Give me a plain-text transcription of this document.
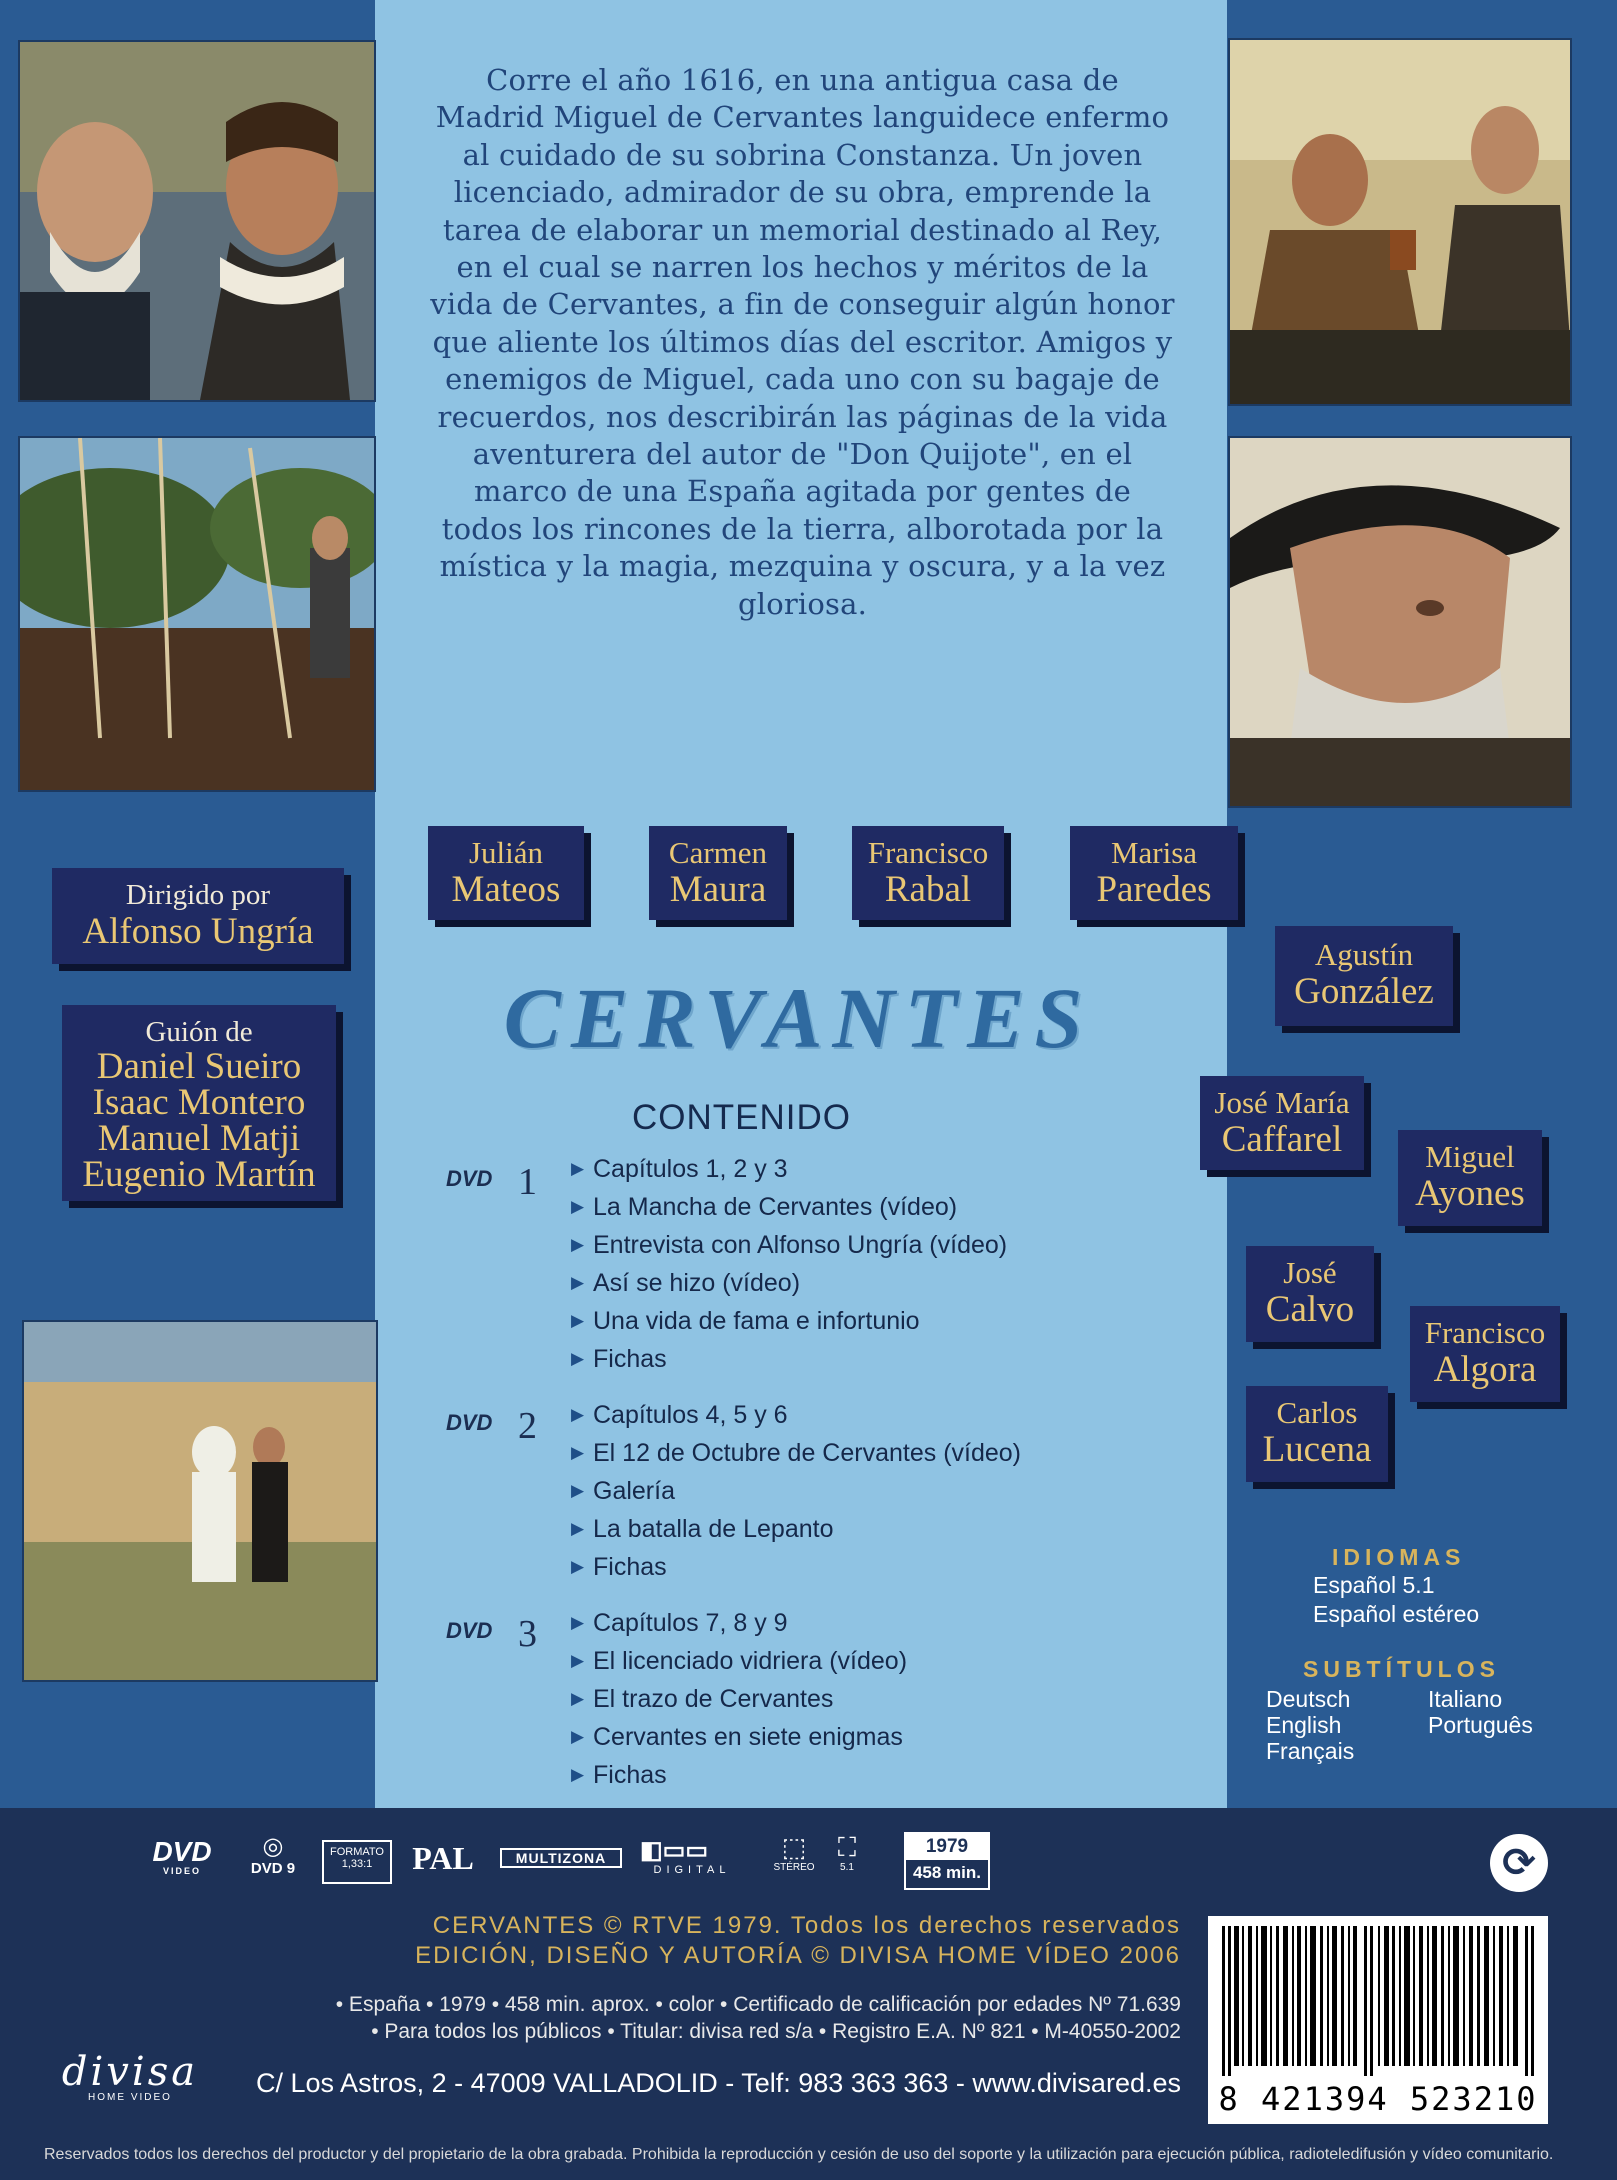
Corre el año 1616, en una antigua casa de Madrid Miguel de Cervantes languidece enfermo al cuidado de su sobrina Constanza. Un joven licenciado, admirador de su obra, emprende la tarea de elaborar un memorial destinado al Rey, en el cual se narren los hechos y méritos de la vida de Cervantes, a fin de conseguir algún honor que aliente los últimos días del escritor. Amigos y enemigos de Miguel, cada uno con su bagaje de recuerdos, nos describirán las páginas de la vida aventurera del autor de "Don Quijote", en el marco de una España agitada por gentes de todos los rincones de la tierra, alborotada por la mística y la magia, mezquina y oscura, y a la vez gloriosa.
Julián
Mateos
Carmen
Maura
Francisco
Rabal
Marisa
Paredes
Dirigido por
Alfonso Ungría
Guión de
Daniel Sueiro
Isaac Montero
Manuel Matji
Eugenio Martín
Agustín
González
José María
Caffarel	Miguel
Ayones
José
Calvo
Francisco
Algora
Carlos
Lucena
CERVANTES
CONTENIDO
DVD 1 ▶ Capítulos 1, 2 y 3
▶ La Mancha de Cervantes (vídeo)
▶ Entrevista con Alfonso Ungría (vídeo)
▶ Así se hizo (vídeo)
▶ Una vida de fama e infortunio
▶ Fichas
DVD 2 ▶ Capítulos 4, 5 y 6
▶ El 12 de Octubre de Cervantes (vídeo)
▶ Galería
▶ La batalla de Lepanto
▶ Fichas
DVD 3 ▶ Capítulos 7, 8 y 9
▶ El licenciado vidriera (vídeo)
▶ El trazo de Cervantes
▶ Cervantes en siete enigmas
▶ Fichas
IDIOMAS
Español 5.1
Español estéreo
SUBTÍTULOS
Deutsch
English
Français
Italiano
Português
DVD
VIDEO
◎
DVD 9
FORMATO
1,33:1	PAL	MULTIZONA	◧▭▭
DIGITAL
⬚
STÉREO
⛶
5.1
1979
458 min.	⟳
CERVANTES © RTVE 1979. Todos los derechos reservados
EDICIÓN, DISEÑO Y AUTORÍA © DIVISA HOME VÍDEO 2006
• España • 1979 • 458 min. aprox. • color • Certificado de calificación por edades Nº 71.639
• Para todos los públicos • Titular: divisa red s/a • Registro E.A. Nº 821 • M-40550-2002
divisa
HOME VIDEO	C/ Los Astros, 2 - 47009 VALLADOLID - Telf: 983 363 363 - www.divisared.es	8 421394 523210
Reservados todos los derechos del productor y del propietario de la obra grabada. Prohibida la reproducción y cesión de uso del soporte y la utilización para ejecución pública, radioteledifusión y vídeo comunitario.
